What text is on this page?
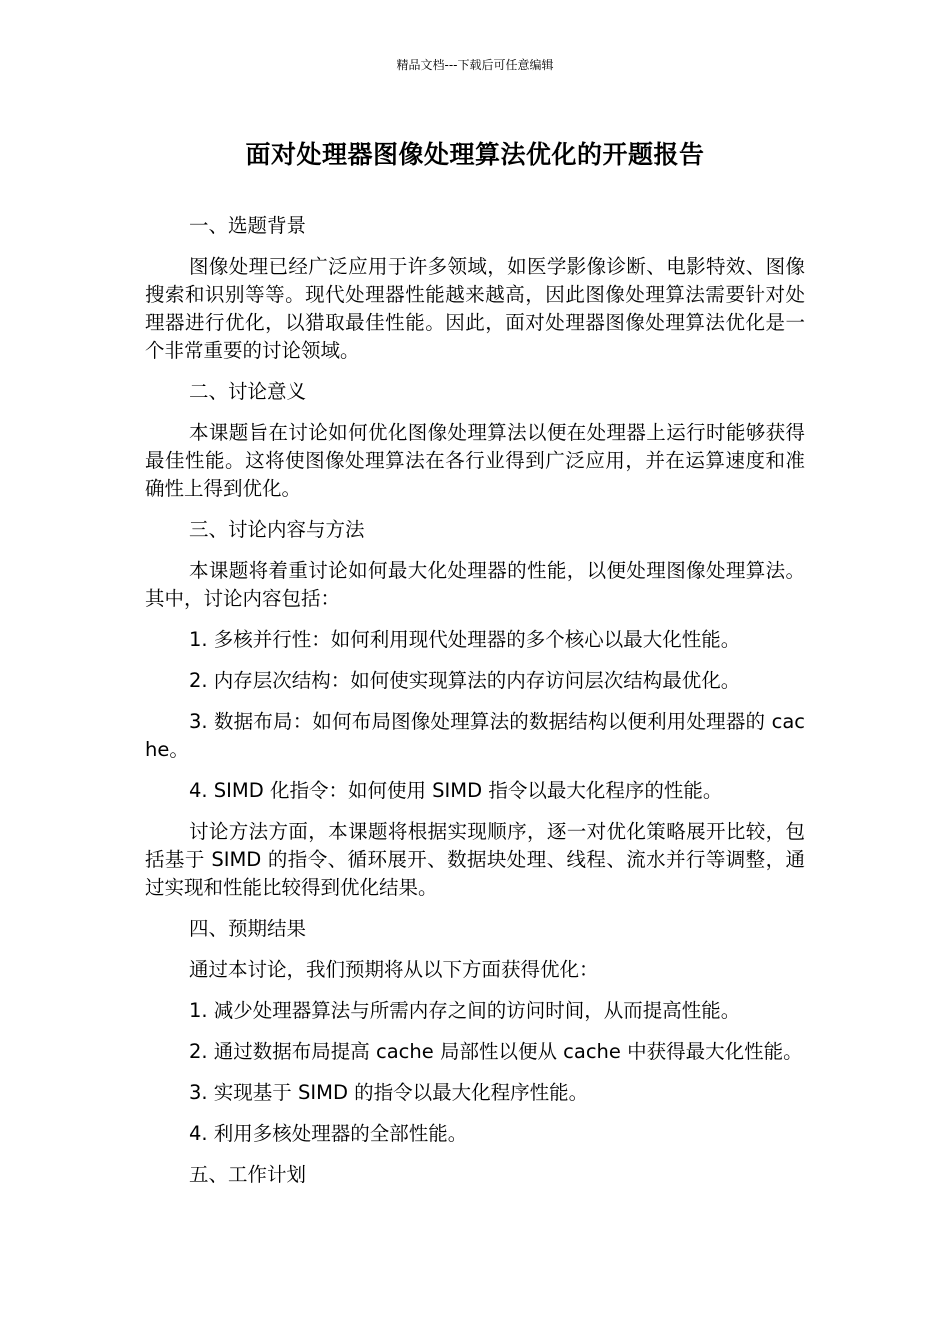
精品文档---下载后可任意编辑
面对处理器图像处理算法优化的开题报告
一、选题背景
图像处理已经广泛应用于许多领域，如医学影像诊断、电影特效、图像搜索和识别等等。现代处理器性能越来越高，因此图像处理算法需要针对处理器进行优化，以猎取最佳性能。因此，面对处理器图像处理算法优化是一个非常重要的讨论领域。
二、讨论意义
本课题旨在讨论如何优化图像处理算法以便在处理器上运行时能够获得最佳性能。这将使图像处理算法在各行业得到广泛应用，并在运算速度和准确性上得到优化。
三、讨论内容与方法
本课题将着重讨论如何最大化处理器的性能，以便处理图像处理算法。其中，讨论内容包括：
1. 多核并行性：如何利用现代处理器的多个核心以最大化性能。
2. 内存层次结构：如何使实现算法的内存访问层次结构最优化。
3. 数据布局：如何布局图像处理算法的数据结构以便利用处理器的 cache。
4. SIMD 化指令：如何使用 SIMD 指令以最大化程序的性能。
讨论方法方面，本课题将根据实现顺序，逐一对优化策略展开比较，包括基于 SIMD 的指令、循环展开、数据块处理、线程、流水并行等调整，通过实现和性能比较得到优化结果。
四、预期结果
通过本讨论，我们预期将从以下方面获得优化：
1. 减少处理器算法与所需内存之间的访问时间，从而提高性能。
2. 通过数据布局提高 cache 局部性以便从 cache 中获得最大化性能。
3. 实现基于 SIMD 的指令以最大化程序性能。
4. 利用多核处理器的全部性能。
五、工作计划
